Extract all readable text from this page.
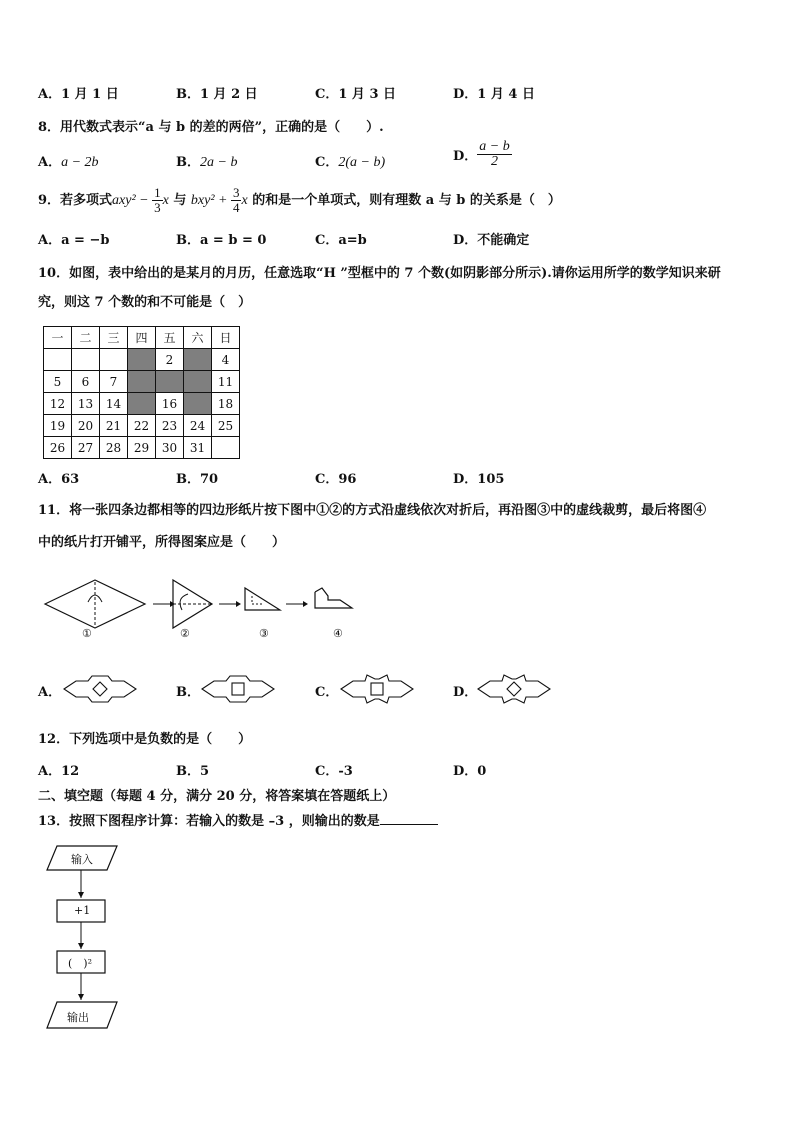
A．1 月 1 日	B．1 月 2 日	C．1 月 3 日	D．1 月 4 日
8．用代数式表示“a 与 b 的差的两倍”，正确的是（　　）.
A．a − 2b	B．2a − b	C．2(a − b)	D． $\frac{a - b}{2}$
9．若多项式$axy^2 - \frac{1}{3}$ x 与 $bxy^2 + \frac{3}{4}$ x 的和是一个单项式，则有理数 a 与 b 的关系是（　）
A．a = −b	B．a = b = 0	C．a=b	D．不能确定
10．如图，表中给出的是某月的月历，任意选取“H ”型框中的 7 个数(如阴影部分所示).请你运用所学的数学知识来研
究，则这 7 个数的和不可能是（　）
一	二	三	四	五	六	日
				2		4
5	6	7				11
12	13	14		16		18
19	20	21	22	23	24	25
26	27	28	29	30	31	
A．63	B．70	C．96	D．105
11．将一张四条边都相等的四边形纸片按下图中①②的方式沿虚线依次对折后，再沿图③中的虚线裁剪，最后将图④
中的纸片打开铺平，所得图案应是（　　）
①	②	③	④
A．	B．	C．	D．
12．下列选项中是负数的是（　　）
A．12	B．5	C．-3	D．0
二、填空题（每题 4 分，满分 20 分，将答案填在答题纸上）
13．按照下图程序计算：若输入的数是 –3 ，则输出的数是
输入
+1
(　)²
输出
